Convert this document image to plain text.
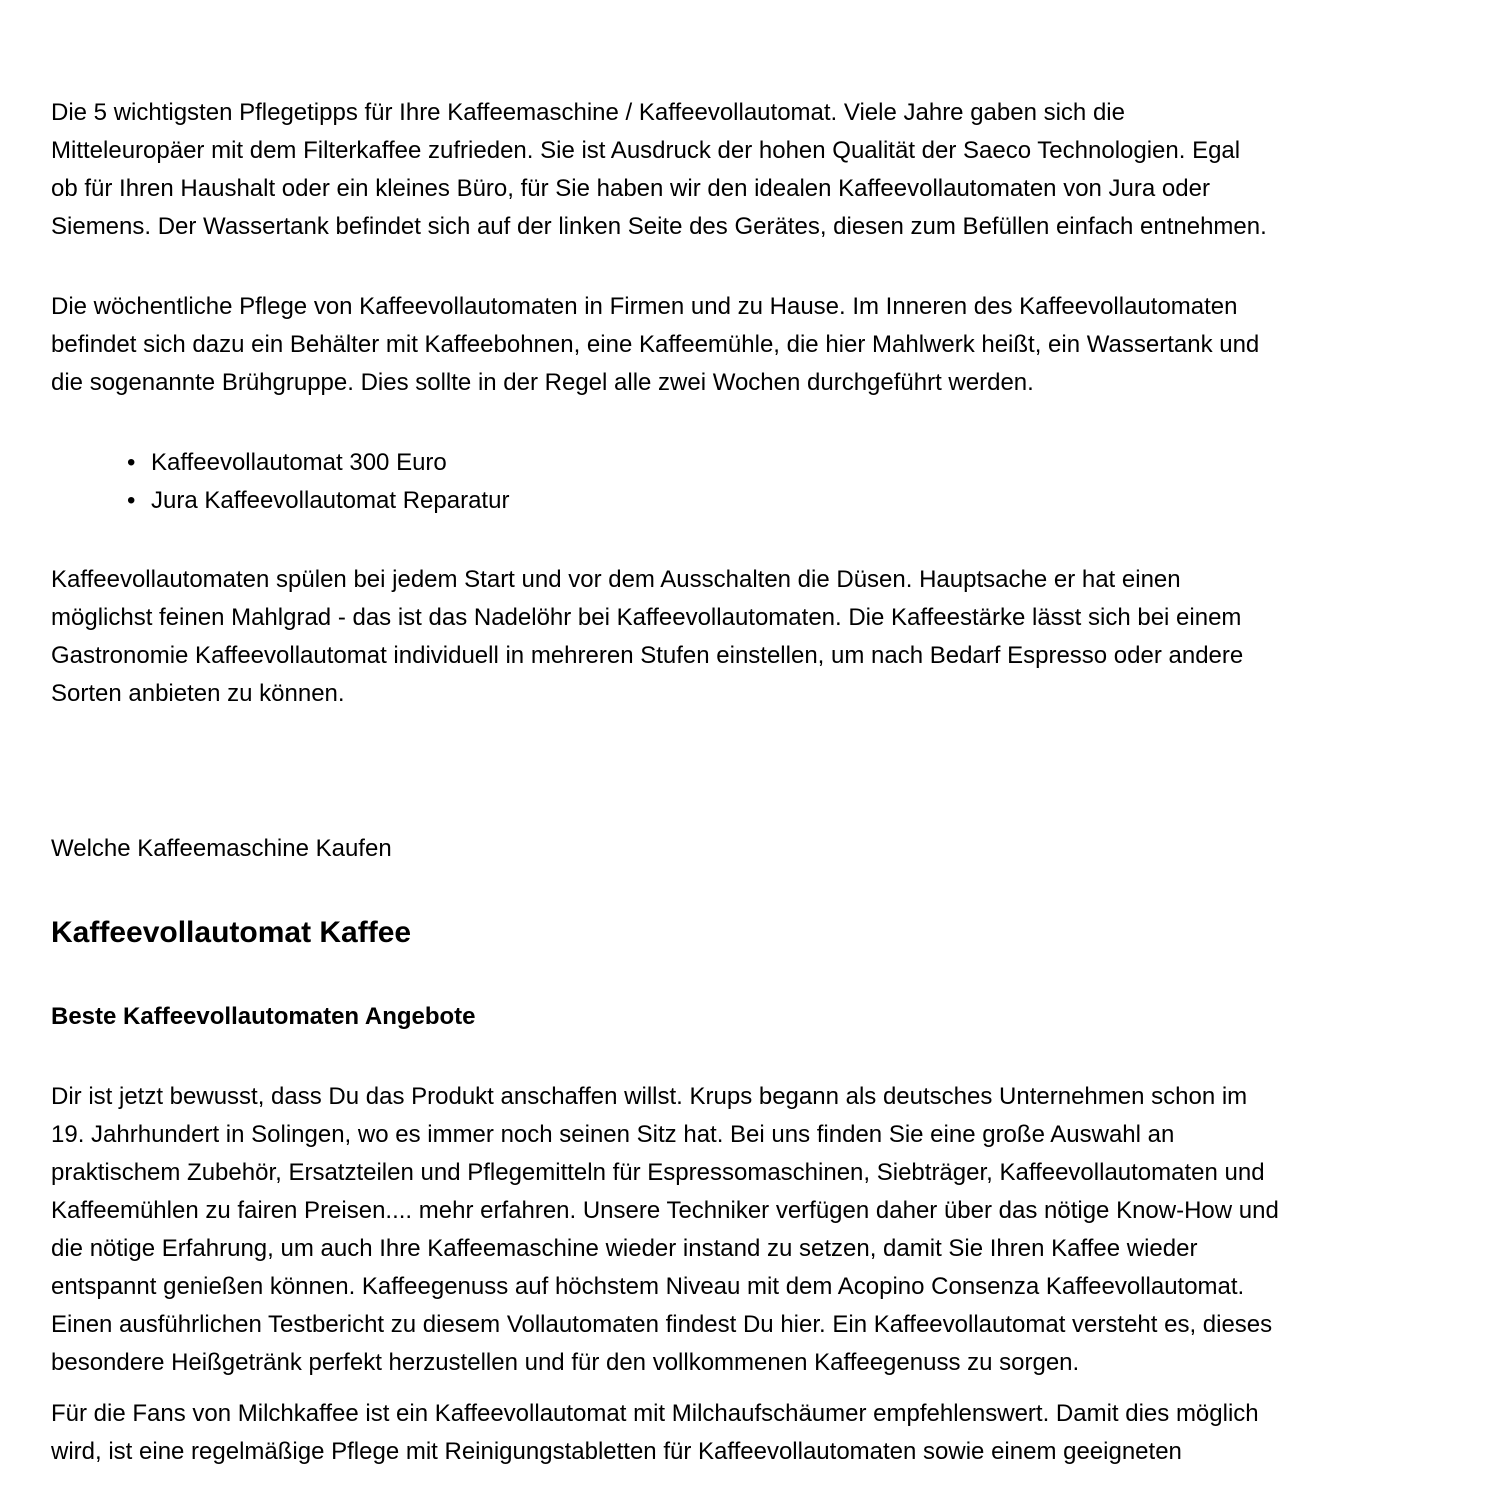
Die 5 wichtigsten Pflegetipps für Ihre Kaffeemaschine / Kaffeevollautomat. Viele Jahre gaben sich die
Mitteleuropäer mit dem Filterkaffee zufrieden. Sie ist Ausdruck der hohen Qualität der Saeco Technologien. Egal
ob für Ihren Haushalt oder ein kleines Büro, für Sie haben wir den idealen Kaffeevollautomaten von Jura oder
Siemens. Der Wassertank befindet sich auf der linken Seite des Gerätes, diesen zum Befüllen einfach entnehmen.
Die wöchentliche Pflege von Kaffeevollautomaten in Firmen und zu Hause. Im Inneren des Kaffeevollautomaten
befindet sich dazu ein Behälter mit Kaffeebohnen, eine Kaffeemühle, die hier Mahlwerk heißt, ein Wassertank und
die sogenannte Brühgruppe. Dies sollte in der Regel alle zwei Wochen durchgeführt werden.
• Kaffeevollautomat 300 Euro
• Jura Kaffeevollautomat Reparatur
Kaffeevollautomaten spülen bei jedem Start und vor dem Ausschalten die Düsen. Hauptsache er hat einen
möglichst feinen Mahlgrad - das ist das Nadelöhr bei Kaffeevollautomaten. Die Kaffeestärke lässt sich bei einem
Gastronomie Kaffeevollautomat individuell in mehreren Stufen einstellen, um nach Bedarf Espresso oder andere
Sorten anbieten zu können.
Welche Kaffeemaschine Kaufen
Kaffeevollautomat Kaffee
Beste Kaffeevollautomaten Angebote
Dir ist jetzt bewusst, dass Du das Produkt anschaffen willst. Krups begann als deutsches Unternehmen schon im
19. Jahrhundert in Solingen, wo es immer noch seinen Sitz hat. Bei uns finden Sie eine große Auswahl an
praktischem Zubehör, Ersatzteilen und Pflegemitteln für Espressomaschinen, Siebträger, Kaffeevollautomaten und
Kaffeemühlen zu fairen Preisen.... mehr erfahren. Unsere Techniker verfügen daher über das nötige Know-How und
die nötige Erfahrung, um auch Ihre Kaffeemaschine wieder instand zu setzen, damit Sie Ihren Kaffee wieder
entspannt genießen können. Kaffeegenuss auf höchstem Niveau mit dem Acopino Consenza Kaffeevollautomat.
Einen ausführlichen Testbericht zu diesem Vollautomaten findest Du hier. Ein Kaffeevollautomat versteht es, dieses
besondere Heißgetränk perfekt herzustellen und für den vollkommenen Kaffeegenuss zu sorgen.
Für die Fans von Milchkaffee ist ein Kaffeevollautomat mit Milchaufschäumer empfehlenswert. Damit dies möglich
wird, ist eine regelmäßige Pflege mit Reinigungstabletten für Kaffeevollautomaten sowie einem geeigneten
